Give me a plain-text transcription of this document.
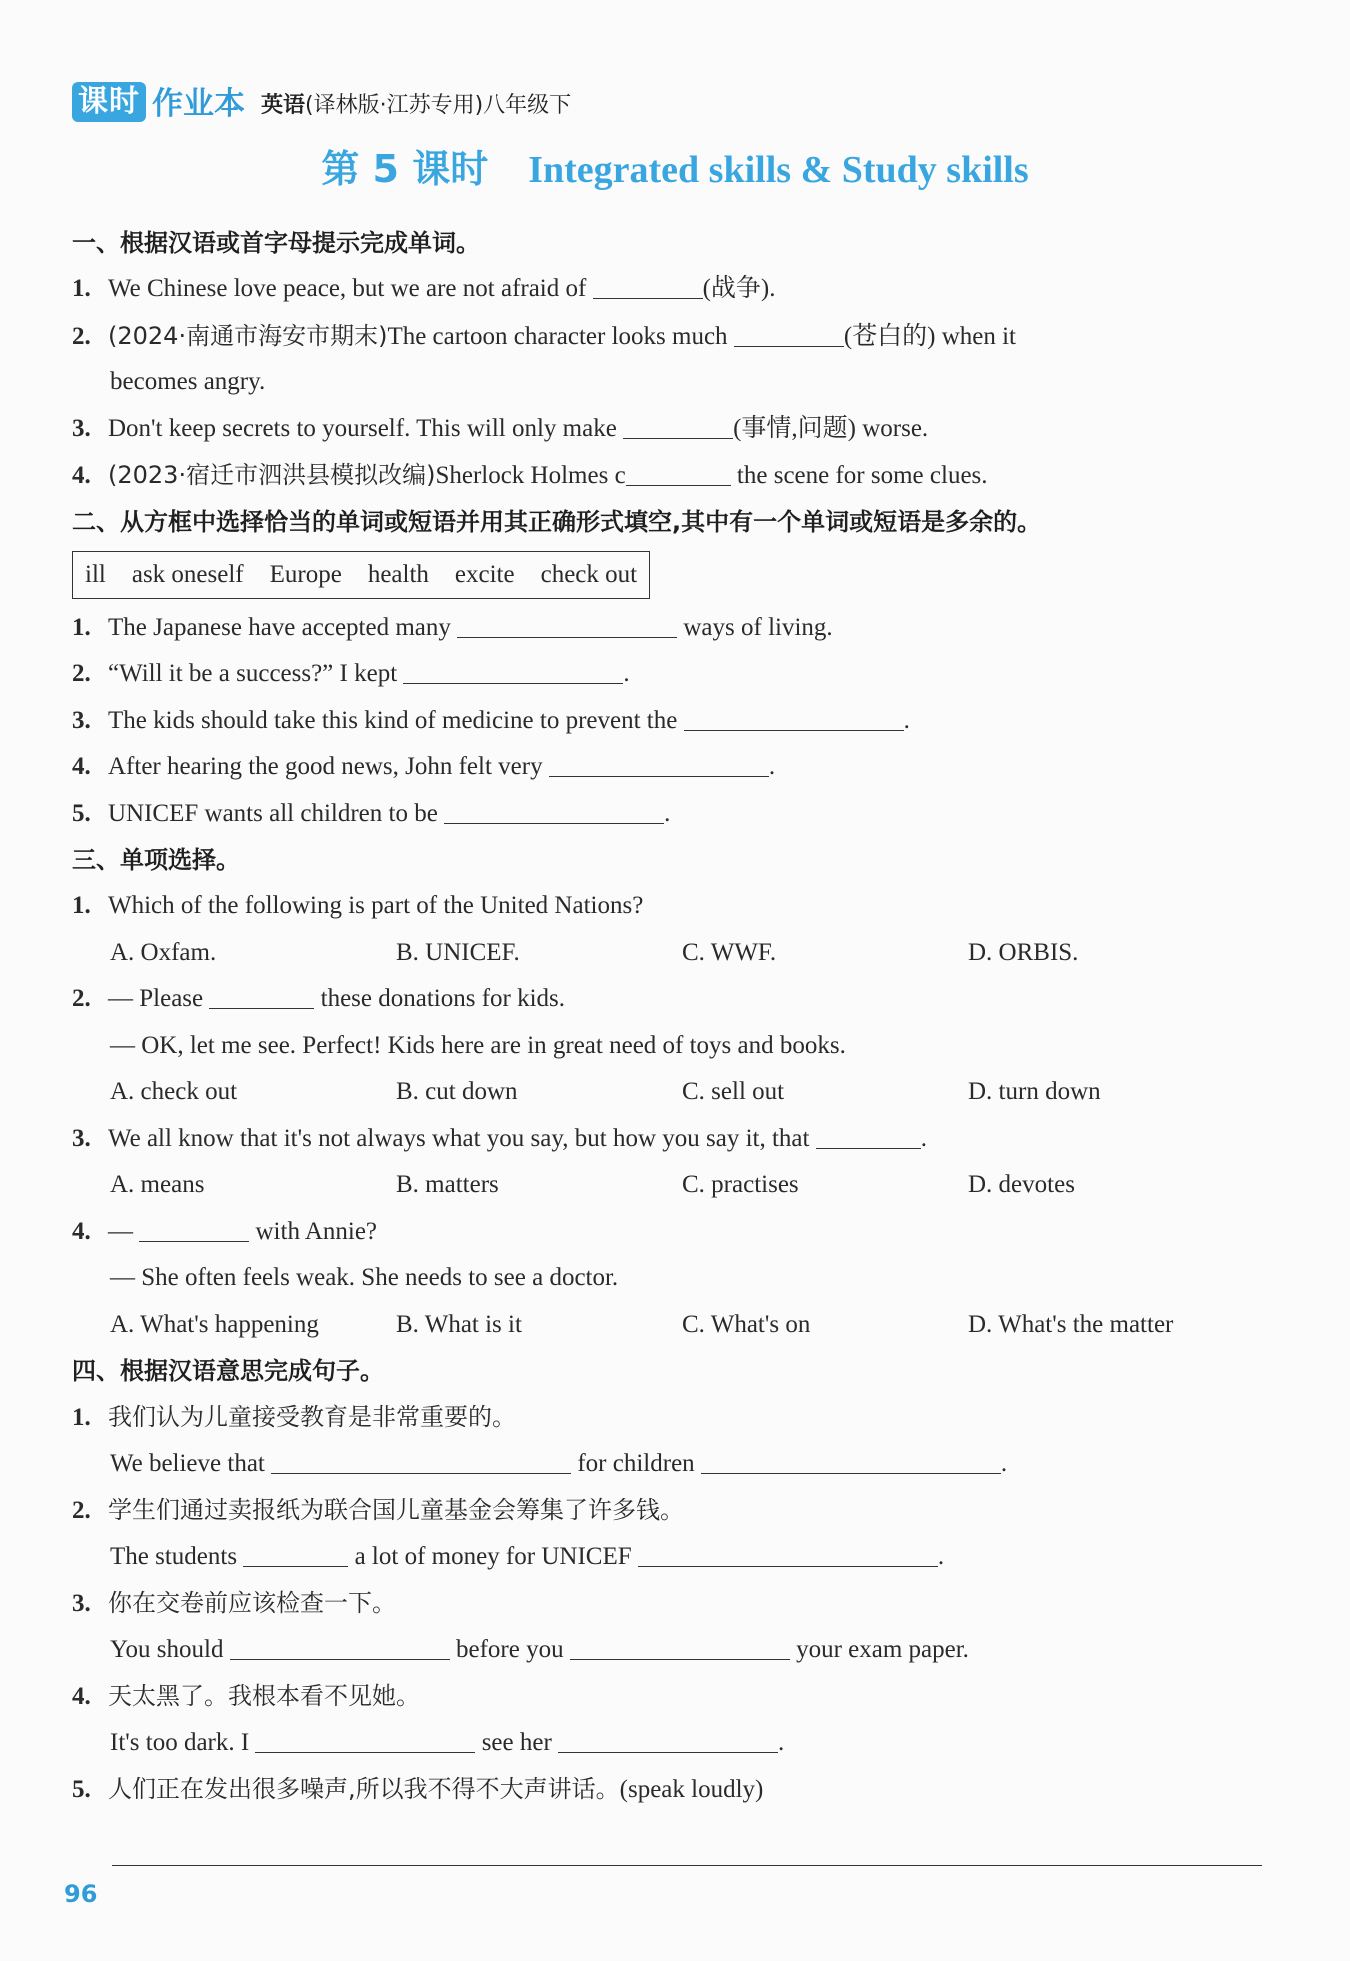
课时 作业本 英语(译林版·江苏专用)八年级下
第 5 课时 Integrated skills & Study skills
一、根据汉语或首字母提示完成单词。
1. We Chinese love peace, but we are not afraid of	(战争).
2. (2024·南通市海安市期末)The cartoon character looks much	(苍白的) when it
becomes angry.
3. Don't keep secrets to yourself. This will only make	(事情,问题) worse.
4. (2023·宿迁市泗洪县模拟改编)Sherlock Holmes c	the scene for some clues.
二、从方框中选择恰当的单词或短语并用其正确形式填空,其中有一个单词或短语是多余的。
ill ask oneself Europe health excite check out
1. The Japanese have accepted many	ways of living.
2. “Will it be a success?” I kept	.
3. The kids should take this kind of medicine to prevent the	.
4. After hearing the good news, John felt very	.
5. UNICEF wants all children to be	.
三、单项选择。
1. Which of the following is part of the United Nations?
A. Oxfam.	B. UNICEF.	C. WWF.	D. ORBIS.
2. — Please	these donations for kids.
— OK, let me see. Perfect! Kids here are in great need of toys and books.
A. check out	B. cut down	C. sell out	D. turn down
3. We all know that it's not always what you say, but how you say it, that	.
A. means	B. matters	C. practises	D. devotes
4. —	with Annie?
— She often feels weak. She needs to see a doctor.
A. What's happening	B. What is it	C. What's on	D. What's the matter
四、根据汉语意思完成句子。
1. 我们认为儿童接受教育是非常重要的。
We believe that	for children	.
2. 学生们通过卖报纸为联合国儿童基金会筹集了许多钱。
The students	a lot of money for UNICEF	.
3. 你在交卷前应该检查一下。
You should	before you	your exam paper.
4. 天太黑了。我根本看不见她。
It's too dark. I	see her	.
5. 人们正在发出很多噪声,所以我不得不大声讲话。(speak loudly)
96
